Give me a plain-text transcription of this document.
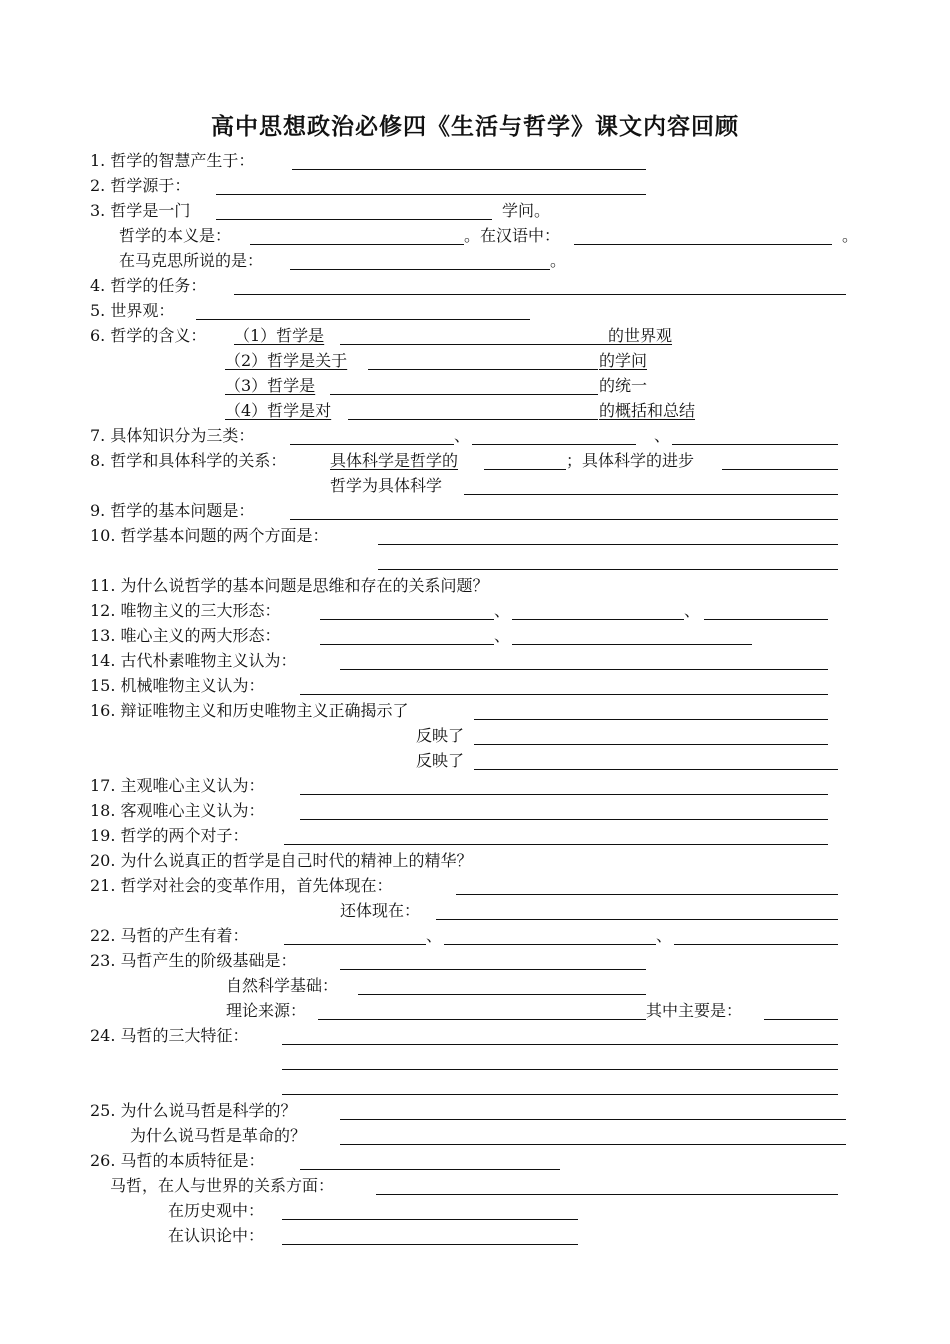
高中思想政治必修四《生活与哲学》课文内容回顾
1. 哲学的智慧产生于：
2. 哲学源于：
3. 哲学是一门	学问。
哲学的本义是：	。在汉语中：	。
在马克思所说的是：	。
4. 哲学的任务：
5. 世界观：
6. 哲学的含义： （1）哲学是	的世界观
（2）哲学是关于	的学问
（3）哲学是	的统一
（4）哲学是对	的概括和总结
7. 具体知识分为三类：	、	、
8. 哲学和具体科学的关系：	具体科学是哲学的	；具体科学的进步
哲学为具体科学
9. 哲学的基本问题是：
10. 哲学基本问题的两个方面是：
11. 为什么说哲学的基本问题是思维和存在的关系问题？
12. 唯物主义的三大形态：	、	、
13. 唯心主义的两大形态：	、
14. 古代朴素唯物主义认为：
15. 机械唯物主义认为：
16. 辩证唯物主义和历史唯物主义正确揭示了
反映了
反映了
17. 主观唯心主义认为：
18. 客观唯心主义认为：
19. 哲学的两个对子：
20. 为什么说真正的哲学是自己时代的精神上的精华？
21. 哲学对社会的变革作用，首先体现在：
还体现在：
22. 马哲的产生有着：	、	、
23. 马哲产生的阶级基础是：
自然科学基础：
理论来源：	其中主要是：
24. 马哲的三大特征：
25. 为什么说马哲是科学的？
为什么说马哲是革命的？
26. 马哲的本质特征是：
马哲，在人与世界的关系方面：
在历史观中：
在认识论中：
